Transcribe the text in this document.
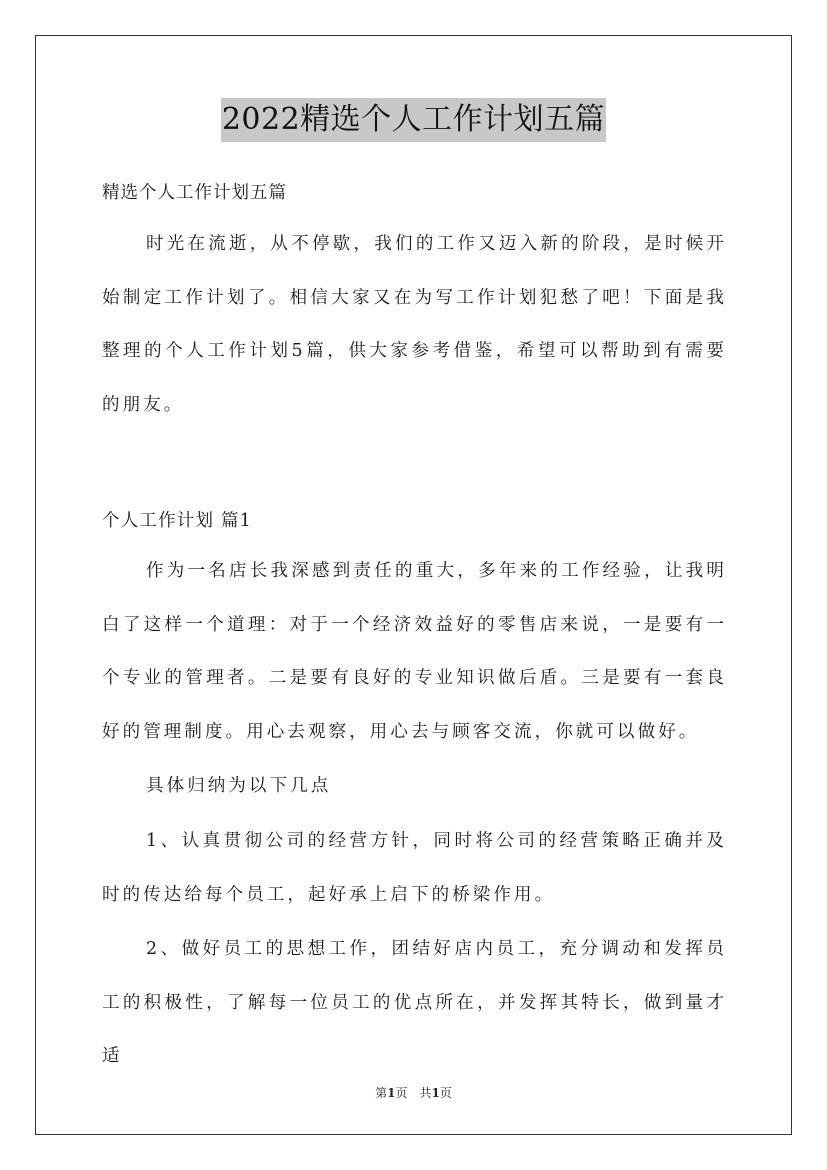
2022精选个人工作计划五篇
精选个人工作计划五篇

时光在流逝，从不停歇，我们的工作又迈入新的阶段，是时候开始制定工作计划了。相信大家又在为写工作计划犯愁了吧！下面是我整理的个人工作计划5篇，供大家参考借鉴，希望可以帮助到有需要的朋友。

个人工作计划 篇1

作为一名店长我深感到责任的重大，多年来的工作经验，让我明白了这样一个道理：对于一个经济效益好的零售店来说，一是要有一个专业的管理者。二是要有良好的专业知识做后盾。三是要有一套良好的管理制度。用心去观察，用心去与顾客交流，你就可以做好。

具体归纳为以下几点

1、认真贯彻公司的经营方针，同时将公司的经营策略正确并及时的传达给每个员工，起好承上启下的桥梁作用。

2、做好员工的思想工作，团结好店内员工，充分调动和发挥员工的积极性，了解每一位员工的优点所在，并发挥其特长，做到量才适

第1页　共1页
